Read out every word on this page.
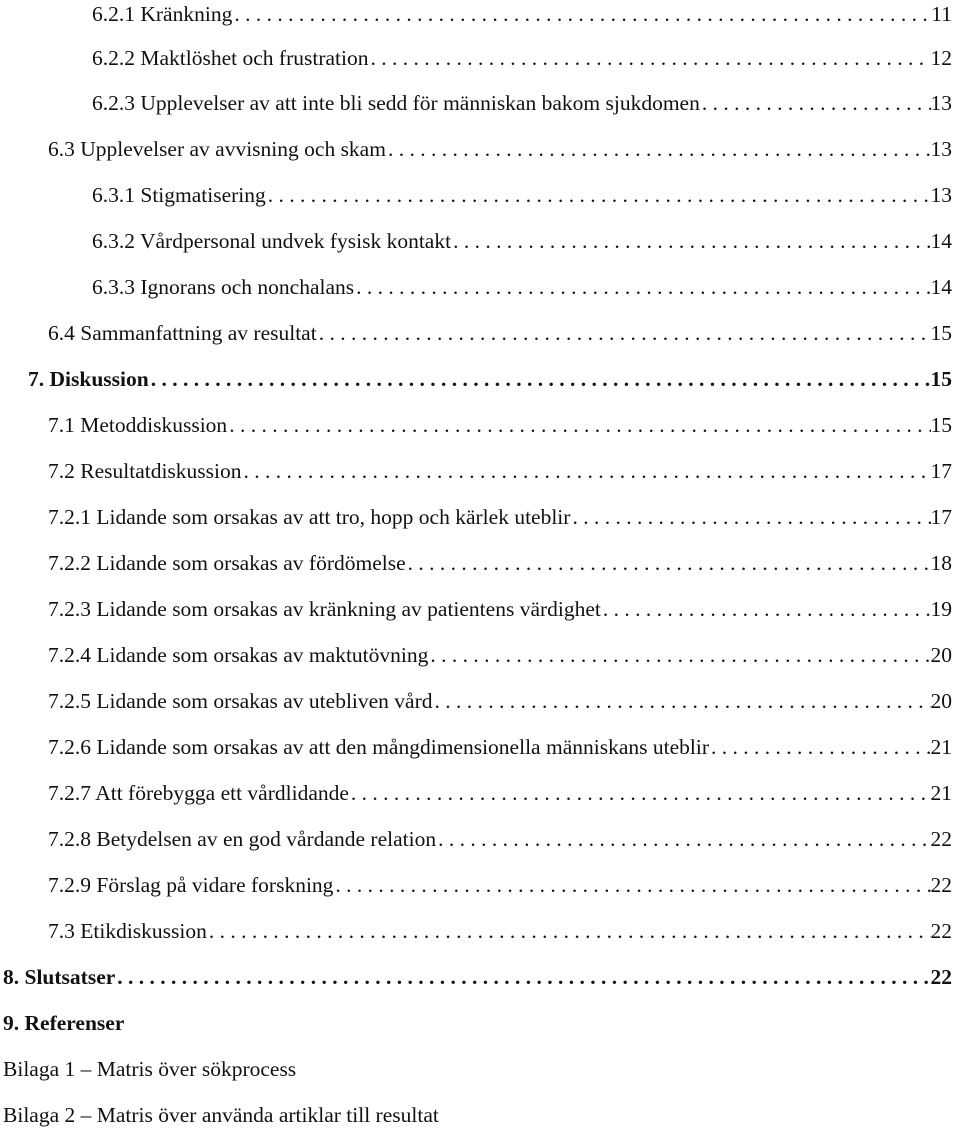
6.2.1 Kränkning . . .	11
6.2.2 Maktlöshet och frustration . . .	12
6.2.3 Upplevelser av att inte bli sedd för människan bakom sjukdomen . . .	13
6.3 Upplevelser av avvisning och skam . . .	13
6.3.1 Stigmatisering . . .	13
6.3.2 Vårdpersonal undvek fysisk kontakt . . .	14
6.3.3 Ignorans och nonchalans . . .	14
6.4 Sammanfattning av resultat . . .	15
7. Diskussion . . .	15
7.1 Metoddiskussion . . .	15
7.2 Resultatdiskussion . . .	17
7.2.1 Lidande som orsakas av att tro, hopp och kärlek uteblir . . .	17
7.2.2 Lidande som orsakas av fördömelse . . .	18
7.2.3 Lidande som orsakas av kränkning av patientens värdighet . . .	19
7.2.4 Lidande som orsakas av maktutövning . . .	20
7.2.5 Lidande som orsakas av utebliven vård . . .	20
7.2.6 Lidande som orsakas av att den mångdimensionella människans uteblir . . .	21
7.2.7 Att förebygga ett vårdlidande . . .	21
7.2.8 Betydelsen av en god vårdande relation . . .	22
7.2.9 Förslag på vidare forskning . . .	22
7.3 Etikdiskussion . . .	22
8. Slutsatser . . .	22
9. Referenser
Bilaga 1 – Matris över sökprocess
Bilaga 2 – Matris över använda artiklar till resultat
